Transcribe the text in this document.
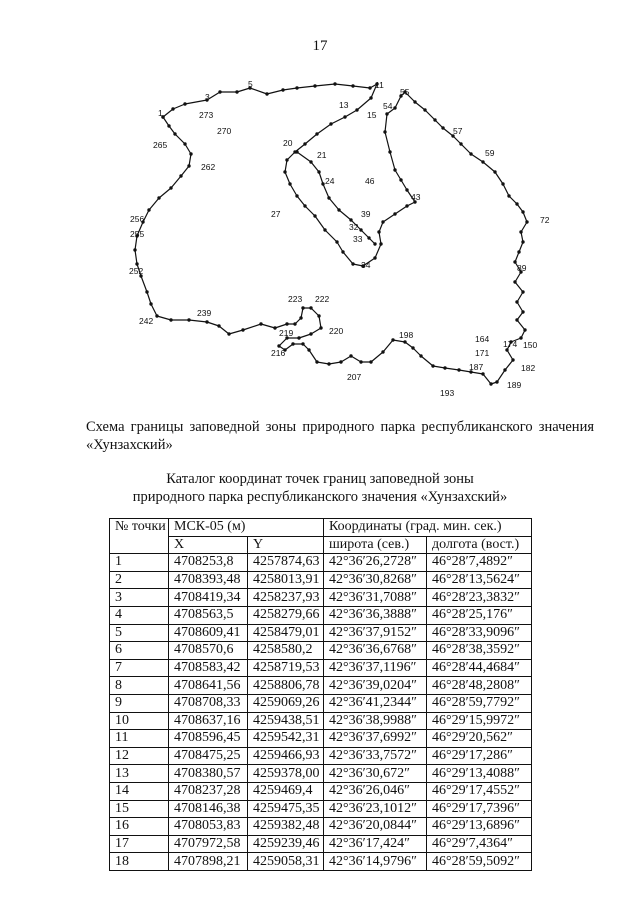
17
1
3
5	11
13
15
54
55
57
59
72
89
150
164
171
174
182
187
189
193
198
207
216
219	220
222
223
239
242
252
255
256
262
265
270
273
20
21
24
27
32
33
34
39
43
46
Схема границы заповедной зоны природного парка республиканского значения «Хунзахский»
Каталог координат точек границ заповедной зоны
природного парка республиканского значения «Хунзахский»
№ точки	МСК-05 (м)		Координаты (град. мин. сек.)	
	X	Y	широта (сев.)	долгота (вост.)
1	4708253,8	4257874,63	42°36′26,2728″	46°28′7,4892″
2	4708393,48	4258013,91	42°36′30,8268″	46°28′13,5624″
3	4708419,34	4258237,93	42°36′31,7088″	46°28′23,3832″
4	4708563,5	4258279,66	42°36′36,3888″	46°28′25,176″
5	4708609,41	4258479,01	42°36′37,9152″	46°28′33,9096″
6	4708570,6	4258580,2	42°36′36,6768″	46°28′38,3592″
7	4708583,42	4258719,53	42°36′37,1196″	46°28′44,4684″
8	4708641,56	4258806,78	42°36′39,0204″	46°28′48,2808″
9	4708708,33	4259069,26	42°36′41,2344″	46°28′59,7792″
10	4708637,16	4259438,51	42°36′38,9988″	46°29′15,9972″
11	4708596,45	4259542,31	42°36′37,6992″	46°29′20,562″
12	4708475,25	4259466,93	42°36′33,7572″	46°29′17,286″
13	4708380,57	4259378,00	42°36′30,672″	46°29′13,4088″
14	4708237,28	4259469,4	42°36′26,046″	46°29′17,4552″
15	4708146,38	4259475,35	42°36′23,1012″	46°29′17,7396″
16	4708053,83	4259382,48	42°36′20,0844″	46°29′13,6896″
17	4707972,58	4259239,46	42°36′17,424″	46°29′7,4364″
18	4707898,21	4259058,31	42°36′14,9796″	46°28′59,5092″
